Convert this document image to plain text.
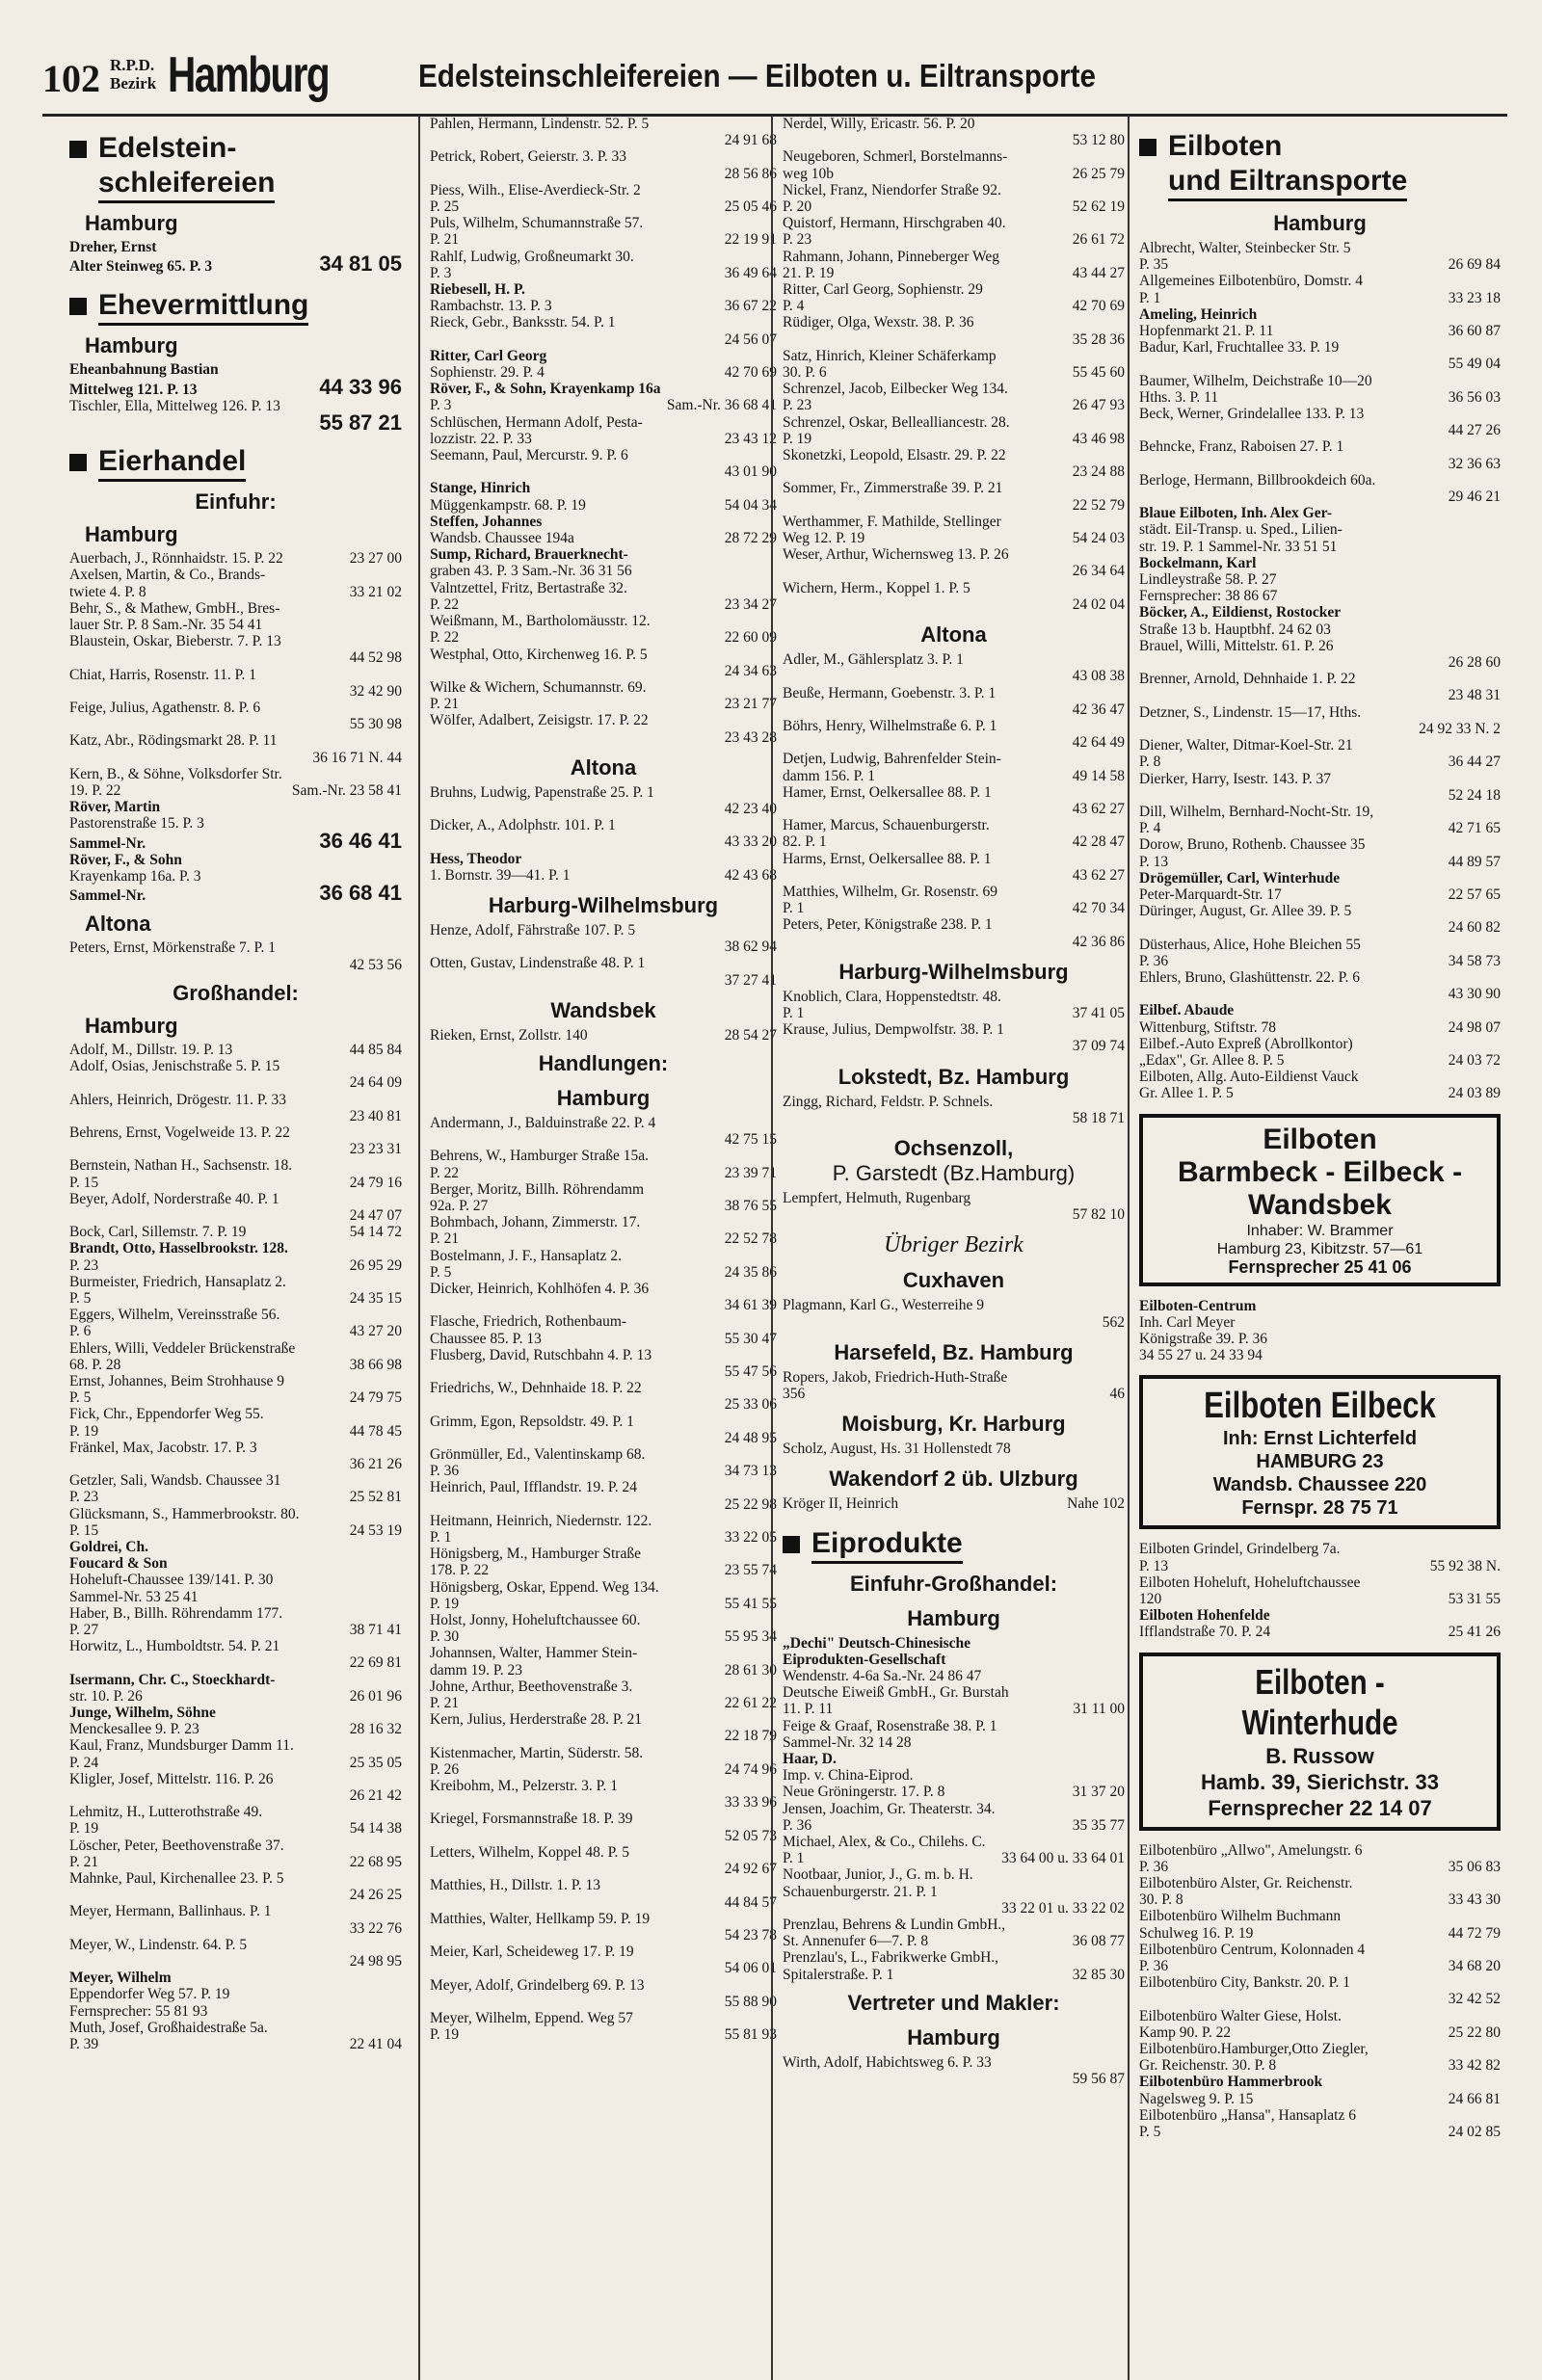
102 R.P.D.
Bezirk Hamburg	Edelsteinschleifereien — Eilboten u. Eiltransporte
Edelstein-
schleifereien
Hamburg
Dreher, Ernst
Alter Steinweg 65. P. 3	34 81 05
Ehevermittlung
Hamburg
Eheanbahnung Bastian
Mittelweg 121. P. 13	44 33 96
Tischler, Ella, Mittelweg 126. P. 13
55 87 21
Eierhandel
Einfuhr:
Hamburg
Auerbach, J., Rönnhaidstr. 15. P. 22	23 27 00
Axelsen, Martin, & Co., Brands-
twiete 4. P. 8	33 21 02
Behr, S., & Mathew, GmbH., Bres-
lauer Str. P. 8 Sam.-Nr. 35 54 41
Blaustein, Oskar, Bieberstr. 7. P. 13
44 52 98
Chiat, Harris, Rosenstr. 11. P. 1
32 42 90
Feige, Julius, Agathenstr. 8. P. 6
55 30 98
Katz, Abr., Rödingsmarkt 28. P. 11
36 16 71 N. 44
Kern, B., & Söhne, Volksdorfer Str.
19. P. 22	Sam.-Nr. 23 58 41
Röver, Martin
Pastorenstraße 15. P. 3
Sammel-Nr.	36 46 41
Röver, F., & Sohn
Krayenkamp 16a. P. 3
Sammel-Nr.	36 68 41
Altona
Peters, Ernst, Mörkenstraße 7. P. 1
42 53 56
Großhandel:
Hamburg
Adolf, M., Dillstr. 19. P. 13	44 85 84
Adolf, Osias, Jenischstraße 5. P. 15
24 64 09
Ahlers, Heinrich, Drögestr. 11. P. 33
23 40 81
Behrens, Ernst, Vogelweide 13. P. 22
23 23 31
Bernstein, Nathan H., Sachsenstr. 18.
P. 15	24 79 16
Beyer, Adolf, Norderstraße 40. P. 1
24 47 07
Bock, Carl, Sillemstr. 7. P. 19	54 14 72
Brandt, Otto, Hasselbrookstr. 128.
P. 23	26 95 29
Burmeister, Friedrich, Hansaplatz 2.
P. 5	24 35 15
Eggers, Wilhelm, Vereinsstraße 56.
P. 6	43 27 20
Ehlers, Willi, Veddeler Brückenstraße
68. P. 28	38 66 98
Ernst, Johannes, Beim Strohhause 9
P. 5	24 79 75
Fick, Chr., Eppendorfer Weg 55.
P. 19	44 78 45
Fränkel, Max, Jacobstr. 17. P. 3
36 21 26
Getzler, Sali, Wandsb. Chaussee 31
P. 23	25 52 81
Glücksmann, S., Hammerbrookstr. 80.
P. 15	24 53 19
Goldrei, Ch.
Foucard & Son
Hoheluft-Chaussee 139/141. P. 30
Sammel-Nr. 53 25 41
Haber, B., Billh. Röhrendamm 177.
P. 27	38 71 41
Horwitz, L., Humboldtstr. 54. P. 21
22 69 81
Isermann, Chr. C., Stoeckhardt-
str. 10. P. 26	26 01 96
Junge, Wilhelm, Söhne
Menckesallee 9. P. 23	28 16 32
Kaul, Franz, Mundsburger Damm 11.
P. 24	25 35 05
Kligler, Josef, Mittelstr. 116. P. 26
26 21 42
Lehmitz, H., Lutterothstraße 49.
P. 19	54 14 38
Löscher, Peter, Beethovenstraße 37.
P. 21	22 68 95
Mahnke, Paul, Kirchenallee 23. P. 5
24 26 25
Meyer, Hermann, Ballinhaus. P. 1
33 22 76
Meyer, W., Lindenstr. 64. P. 5
24 98 95
Meyer, Wilhelm
Eppendorfer Weg 57. P. 19
Fernsprecher: 55 81 93
Muth, Josef, Großhaidestraße 5a.
P. 39	22 41 04
Pahlen, Hermann, Lindenstr. 52. P. 5
24 91 68
Petrick, Robert, Geierstr. 3. P. 33
28 56 86
Piess, Wilh., Elise-Averdieck-Str. 2
P. 25	25 05 46
Puls, Wilhelm, Schumannstraße 57.
P. 21	22 19 91
Rahlf, Ludwig, Großneumarkt 30.
P. 3	36 49 64
Riebesell, H. P.
Rambachstr. 13. P. 3	36 67 22
Rieck, Gebr., Banksstr. 54. P. 1
24 56 07
Ritter, Carl Georg
Sophienstr. 29. P. 4	42 70 69
Röver, F., & Sohn, Krayenkamp 16a
P. 3	Sam.-Nr. 36 68 41
Schlüschen, Hermann Adolf, Pesta-
lozzistr. 22. P. 33	23 43 12
Seemann, Paul, Mercurstr. 9. P. 6
43 01 90
Stange, Hinrich
Müggenkampstr. 68. P. 19	54 04 34
Steffen, Johannes
Wandsb. Chaussee 194a	28 72 29
Sump, Richard, Brauerknecht-
graben 43. P. 3 Sam.-Nr. 36 31 56
Valntzettel, Fritz, Bertastraße 32.
P. 22	23 34 27
Weißmann, M., Bartholomäusstr. 12.
P. 22	22 60 09
Westphal, Otto, Kirchenweg 16. P. 5
24 34 63
Wilke & Wichern, Schumannstr. 69.
P. 21	23 21 77
Wölfer, Adalbert, Zeisigstr. 17. P. 22
23 43 28
Altona
Bruhns, Ludwig, Papenstraße 25. P. 1
42 23 40
Dicker, A., Adolphstr. 101. P. 1
43 33 20
Hess, Theodor
1. Bornstr. 39—41. P. 1	42 43 68
Harburg-Wilhelmsburg
Henze, Adolf, Fährstraße 107. P. 5
38 62 94
Otten, Gustav, Lindenstraße 48. P. 1
37 27 41
Wandsbek
Rieken, Ernst, Zollstr. 140	28 54 27
Handlungen:
Hamburg
Andermann, J., Balduinstraße 22. P. 4
42 75 15
Behrens, W., Hamburger Straße 15a.
P. 22	23 39 71
Berger, Moritz, Billh. Röhrendamm
92a. P. 27	38 76 55
Bohmbach, Johann, Zimmerstr. 17.
P. 21	22 52 78
Bostelmann, J. F., Hansaplatz 2.
P. 5	24 35 86
Dicker, Heinrich, Kohlhöfen 4. P. 36
34 61 39
Flasche, Friedrich, Rothenbaum-
Chaussee 85. P. 13	55 30 47
Flusberg, David, Rutschbahn 4. P. 13
55 47 56
Friedrichs, W., Dehnhaide 18. P. 22
25 33 06
Grimm, Egon, Repsoldstr. 49. P. 1
24 48 95
Grönmüller, Ed., Valentinskamp 68.
P. 36	34 73 13
Heinrich, Paul, Ifflandstr. 19. P. 24
25 22 98
Heitmann, Heinrich, Niedernstr. 122.
P. 1	33 22 05
Hönigsberg, M., Hamburger Straße
178. P. 22	23 55 74
Hönigsberg, Oskar, Eppend. Weg 134.
P. 19	55 41 55
Holst, Jonny, Hoheluftchaussee 60.
P. 30	55 95 34
Johannsen, Walter, Hammer Stein-
damm 19. P. 23	28 61 30
Johne, Arthur, Beethovenstraße 3.
P. 21	22 61 22
Kern, Julius, Herderstraße 28. P. 21
22 18 79
Kistenmacher, Martin, Süderstr. 58.
P. 26	24 74 96
Kreibohm, M., Pelzerstr. 3. P. 1
33 33 96
Kriegel, Forsmannstraße 18. P. 39
52 05 73
Letters, Wilhelm, Koppel 48. P. 5
24 92 67
Matthies, H., Dillstr. 1. P. 13
44 84 57
Matthies, Walter, Hellkamp 59. P. 19
54 23 78
Meier, Karl, Scheideweg 17. P. 19
54 06 01
Meyer, Adolf, Grindelberg 69. P. 13
55 88 90
Meyer, Wilhelm, Eppend. Weg 57
P. 19	55 81 93
Nerdel, Willy, Ericastr. 56. P. 20
53 12 80
Neugeboren, Schmerl, Borstelmanns-
weg 10b	26 25 79
Nickel, Franz, Niendorfer Straße 92.
P. 20	52 62 19
Quistorf, Hermann, Hirschgraben 40.
P. 23	26 61 72
Rahmann, Johann, Pinneberger Weg
21. P. 19	43 44 27
Ritter, Carl Georg, Sophienstr. 29
P. 4	42 70 69
Rüdiger, Olga, Wexstr. 38. P. 36
35 28 36
Satz, Hinrich, Kleiner Schäferkamp
30. P. 6	55 45 60
Schrenzel, Jacob, Eilbecker Weg 134.
P. 23	26 47 93
Schrenzel, Oskar, Bellealliancestr. 28.
P. 19	43 46 98
Skonetzki, Leopold, Elsastr. 29. P. 22
23 24 88
Sommer, Fr., Zimmerstraße 39. P. 21
22 52 79
Werthammer, F. Mathilde, Stellinger
Weg 12. P. 19	54 24 03
Weser, Arthur, Wichernsweg 13. P. 26
26 34 64
Wichern, Herm., Koppel 1. P. 5
24 02 04
Altona
Adler, M., Gählersplatz 3. P. 1
43 08 38
Beuße, Hermann, Goebenstr. 3. P. 1
42 36 47
Böhrs, Henry, Wilhelmstraße 6. P. 1
42 64 49
Detjen, Ludwig, Bahrenfelder Stein-
damm 156. P. 1	49 14 58
Hamer, Ernst, Oelkersallee 88. P. 1
43 62 27
Hamer, Marcus, Schauenburgerstr.
82. P. 1	42 28 47
Harms, Ernst, Oelkersallee 88. P. 1
43 62 27
Matthies, Wilhelm, Gr. Rosenstr. 69
P. 1	42 70 34
Peters, Peter, Königstraße 238. P. 1
42 36 86
Harburg-Wilhelmsburg
Knoblich, Clara, Hoppenstedtstr. 48.
P. 1	37 41 05
Krause, Julius, Dempwolfstr. 38. P. 1
37 09 74
Lokstedt, Bz. Hamburg
Zingg, Richard, Feldstr. P. Schnels.
58 18 71
Ochsenzoll,
P. Garstedt (Bz.Hamburg)
Lempfert, Helmuth, Rugenbarg
57 82 10
Übriger Bezirk
Cuxhaven
Plagmann, Karl G., Westerreihe 9
562
Harsefeld, Bz. Hamburg
Ropers, Jakob, Friedrich-Huth-Straße
356	46
Moisburg, Kr. Harburg
Scholz, August, Hs. 31 Hollenstedt 78
Wakendorf 2 üb. Ulzburg
Kröger II, Heinrich	Nahe 102
Eiprodukte
Einfuhr-Großhandel:
Hamburg
„Dechi" Deutsch-Chinesische
Eiprodukten-Gesellschaft
Wendenstr. 4-6a Sa.-Nr. 24 86 47
Deutsche Eiweiß GmbH., Gr. Burstah
11. P. 11	31 11 00
Feige & Graaf, Rosenstraße 38. P. 1
Sammel-Nr. 32 14 28
Haar, D.
Imp. v. China-Eiprod.
Neue Gröningerstr. 17. P. 8	31 37 20
Jensen, Joachim, Gr. Theaterstr. 34.
P. 36	35 35 77
Michael, Alex, & Co., Chilehs. C.
P. 1	33 64 00 u. 33 64 01
Nootbaar, Junior, J., G. m. b. H.
Schauenburgerstr. 21. P. 1
33 22 01 u. 33 22 02
Prenzlau, Behrens & Lundin GmbH.,
St. Annenufer 6—7. P. 8	36 08 77
Prenzlau's, L., Fabrikwerke GmbH.,
Spitalerstraße. P. 1	32 85 30
Vertreter und Makler:
Hamburg
Wirth, Adolf, Habichtsweg 6. P. 33
59 56 87
Eilboten
und Eiltransporte
Hamburg
Albrecht, Walter, Steinbecker Str. 5
P. 35	26 69 84
Allgemeines Eilbotenbüro, Domstr. 4
P. 1	33 23 18
Ameling, Heinrich
Hopfenmarkt 21. P. 11	36 60 87
Badur, Karl, Fruchtallee 33. P. 19
55 49 04
Baumer, Wilhelm, Deichstraße 10—20
Hths. 3. P. 11	36 56 03
Beck, Werner, Grindelallee 133. P. 13
44 27 26
Behncke, Franz, Raboisen 27. P. 1
32 36 63
Berloge, Hermann, Billbrookdeich 60a.
29 46 21
Blaue Eilboten, Inh. Alex Ger-
städt. Eil-Transp. u. Sped., Lilien-
str. 19. P. 1 Sammel-Nr. 33 51 51
Bockelmann, Karl
Lindleystraße 58. P. 27
Fernsprecher: 38 86 67
Böcker, A., Eildienst, Rostocker
Straße 13 b. Hauptbhf. 24 62 03
Brauel, Willi, Mittelstr. 61. P. 26
26 28 60
Brenner, Arnold, Dehnhaide 1. P. 22
23 48 31
Detzner, S., Lindenstr. 15—17, Hths.
24 92 33 N. 2
Diener, Walter, Ditmar-Koel-Str. 21
P. 8	36 44 27
Dierker, Harry, Isestr. 143. P. 37
52 24 18
Dill, Wilhelm, Bernhard-Nocht-Str. 19,
P. 4	42 71 65
Dorow, Bruno, Rothenb. Chaussee 35
P. 13	44 89 57
Drögemüller, Carl, Winterhude
Peter-Marquardt-Str. 17	22 57 65
Düringer, August, Gr. Allee 39. P. 5
24 60 82
Düsterhaus, Alice, Hohe Bleichen 55
P. 36	34 58 73
Ehlers, Bruno, Glashüttenstr. 22. P. 6
43 30 90
Eilbef. Abaude
Wittenburg, Stiftstr. 78	24 98 07
Eilbef.-Auto Expreß (Abrollkontor)
„Edax", Gr. Allee 8. P. 5	24 03 72
Eilboten, Allg. Auto-Eildienst Vauck
Gr. Allee 1. P. 5	24 03 89
Eilboten
Barmbeck - Eilbeck -
Wandsbek
Inhaber: W. Brammer
Hamburg 23, Kibitzstr. 57—61
Fernsprecher 25 41 06
Eilboten-Centrum
Inh. Carl Meyer
Königstraße 39. P. 36
34 55 27 u. 24 33 94
Eilboten Eilbeck
Inh: Ernst Lichterfeld
HAMBURG 23
Wandsb. Chaussee 220
Fernspr. 28 75 71
Eilboten Grindel, Grindelberg 7a.
P. 13	55 92 38 N.
Eilboten Hoheluft, Hoheluftchaussee
120	53 31 55
Eilboten Hohenfelde
Ifflandstraße 70. P. 24	25 41 26
Eilboten - Winterhude
B. Russow
Hamb. 39, Sierichstr. 33
Fernsprecher 22 14 07
Eilbotenbüro „Allwo", Amelungstr. 6
P. 36	35 06 83
Eilbotenbüro Alster, Gr. Reichenstr.
30. P. 8	33 43 30
Eilbotenbüro Wilhelm Buchmann
Schulweg 16. P. 19	44 72 79
Eilbotenbüro Centrum, Kolonnaden 4
P. 36	34 68 20
Eilbotenbüro City, Bankstr. 20. P. 1
32 42 52
Eilbotenbüro Walter Giese, Holst.
Kamp 90. P. 22	25 22 80
Eilbotenbüro.Hamburger,Otto Ziegler,
Gr. Reichenstr. 30. P. 8	33 42 82
Eilbotenbüro Hammerbrook
Nagelsweg 9. P. 15	24 66 81
Eilbotenbüro „Hansa", Hansaplatz 6
P. 5	24 02 85
